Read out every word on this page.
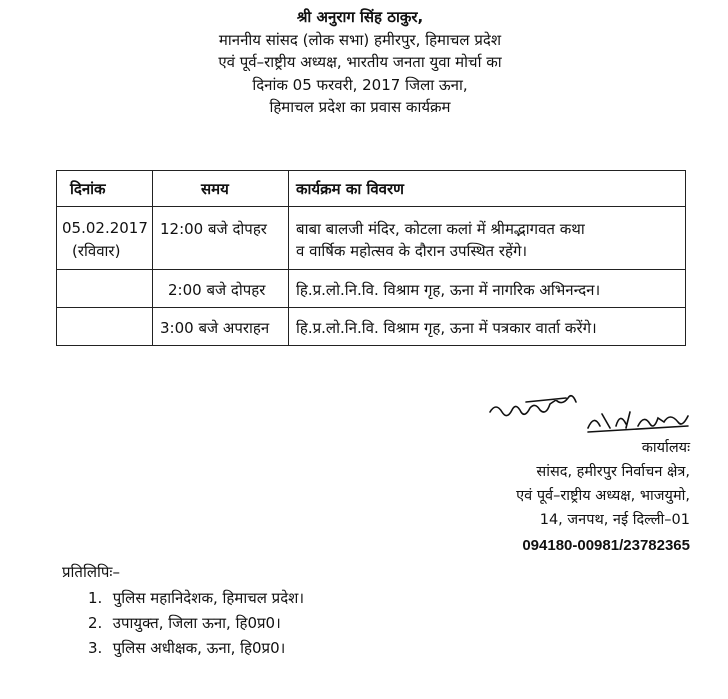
श्री अनुराग सिंह ठाकुर,
माननीय सांसद (लोक सभा) हमीरपुर, हिमाचल प्रदेश
एवं पूर्व–राष्ट्रीय अध्यक्ष, भारतीय जनता युवा मोर्चा का
दिनांक 05 फरवरी, 2017 जिला ऊना,
हिमाचल प्रदेश का प्रवास कार्यक्रम
दिनांक	समय	कार्यक्रम का विवरण
05.02.2017
(रविवार)
12:00 बजे दोपहर बाबा बालजी मंदिर, कोटला कलां में श्रीमद्भागवत कथा
व वार्षिक महोत्सव के दौरान उपस्थित रहेंगे।
2:00 बजे दोपहर हि.प्र.लो.नि.वि. विश्राम गृह, ऊना में नागरिक अभिनन्दन।
3:00 बजे अपराहन हि.प्र.लो.नि.वि. विश्राम गृह, ऊना में पत्रकार वार्ता करेंगे।
कार्यालयः
सांसद, हमीरपुर निर्वाचन क्षेत्र,
एवं पूर्व–राष्ट्रीय अध्यक्ष, भाजयुमो,
14, जनपथ, नई दिल्ली–01
094180-00981/23782365
प्रतिलिपिः–
1. पुलिस महानिदेशक, हिमाचल प्रदेश।
2. उपायुक्त, जिला ऊना, हि0प्र0।
3. पुलिस अधीक्षक, ऊना, हि0प्र0।
